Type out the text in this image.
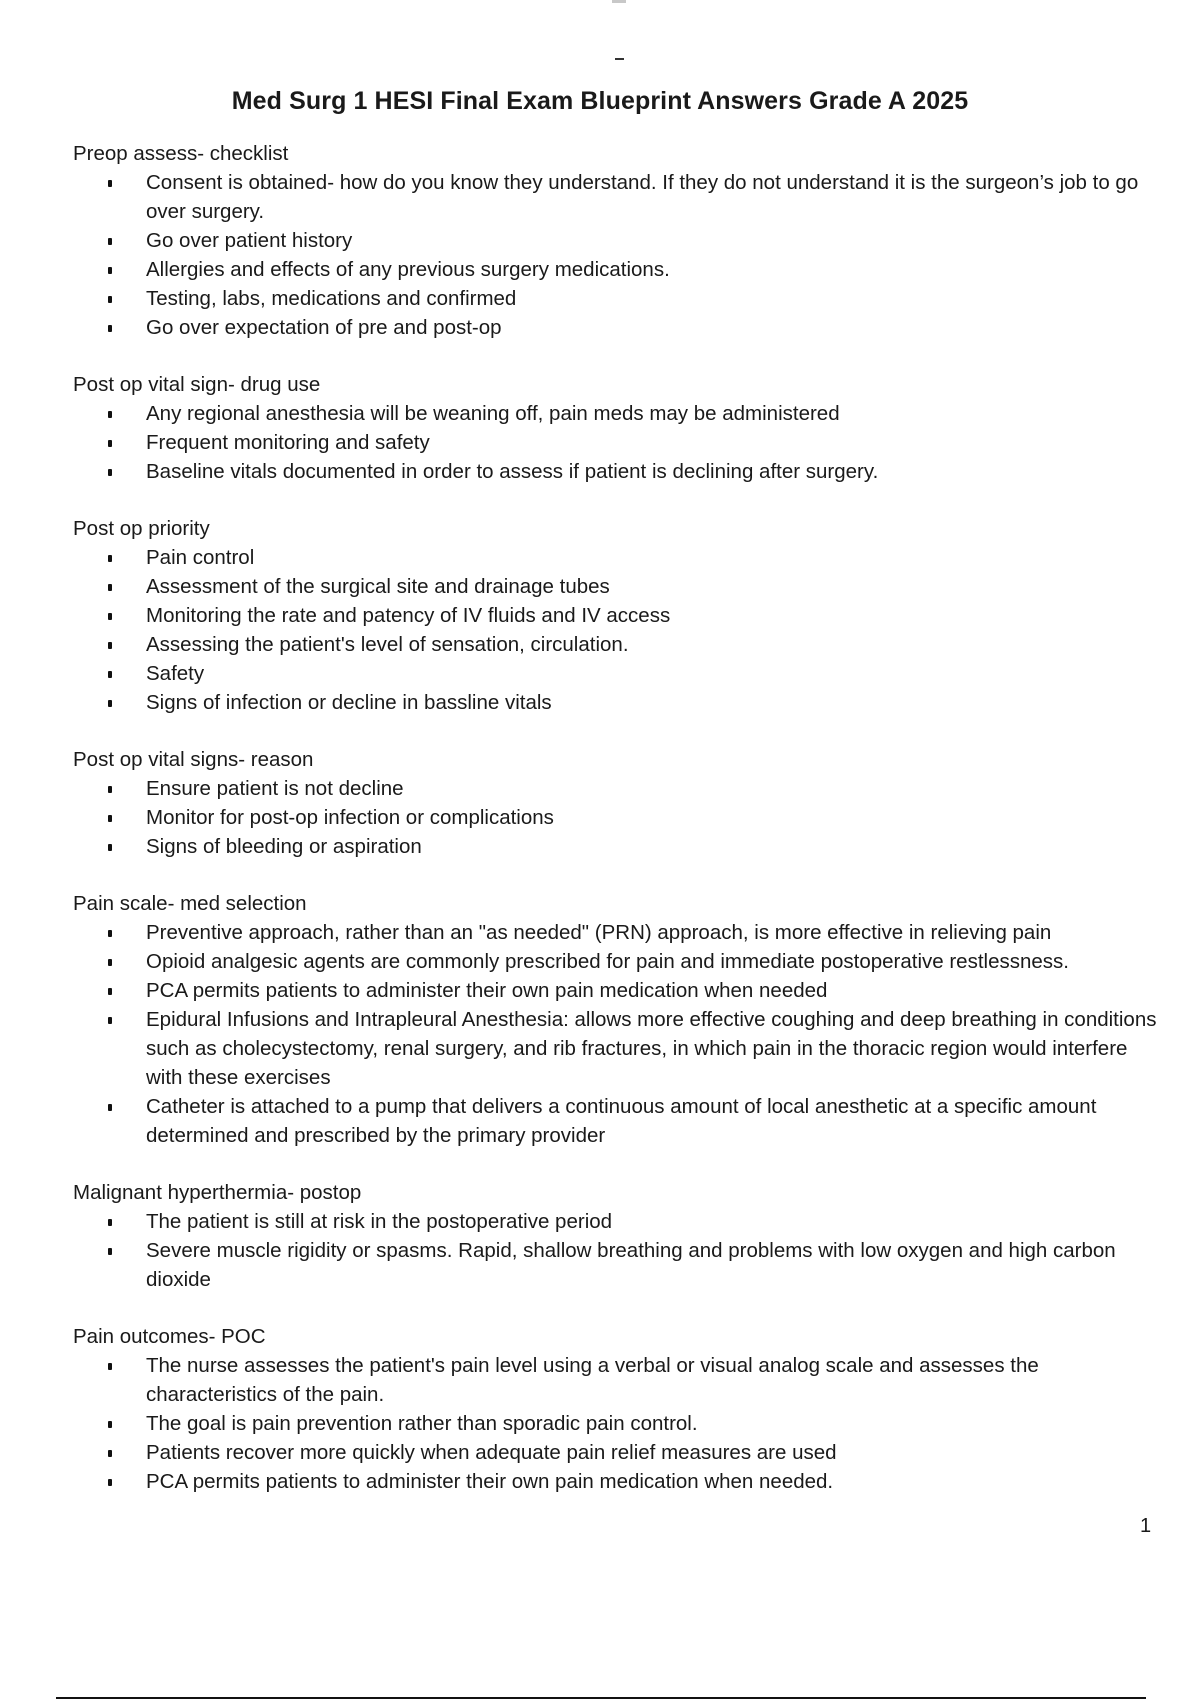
Med Surg 1 HESI Final Exam Blueprint Answers Grade A 2025

Preop assess- checklist

Consent is obtained- how do you know they understand. If they do not understand it is the surgeon’s job to go over surgery.
Go over patient history
Allergies and effects of any previous surgery medications.
Testing, labs, medications and confirmed
Go over expectation of pre and post-op

Post op vital sign- drug use

Any regional anesthesia will be weaning off, pain meds may be administered
Frequent monitoring and safety
Baseline vitals documented in order to assess if patient is declining after surgery.

Post op priority

Pain control
Assessment of the surgical site and drainage tubes
Monitoring the rate and patency of IV fluids and IV access
Assessing the patient's level of sensation, circulation.
Safety
Signs of infection or decline in bassline vitals

Post op vital signs- reason

Ensure patient is not decline
Monitor for post-op infection or complications
Signs of bleeding or aspiration

Pain scale- med selection

Preventive approach, rather than an "as needed" (PRN) approach, is more effective in relieving pain
Opioid analgesic agents are commonly prescribed for pain and immediate postoperative restlessness.
PCA permits patients to administer their own pain medication when needed
Epidural Infusions and Intrapleural Anesthesia: allows more effective coughing and deep breathing in conditions such as cholecystectomy, renal surgery, and rib fractures, in which pain in the thoracic region would interfere with these exercises
Catheter is attached to a pump that delivers a continuous amount of local anesthetic at a specific amount determined and prescribed by the primary provider

Malignant hyperthermia- postop

The patient is still at risk in the postoperative period
Severe muscle rigidity or spasms. Rapid, shallow breathing and problems with low oxygen and high carbon dioxide

Pain outcomes- POC

The nurse assesses the patient's pain level using a verbal or visual analog scale and assesses the characteristics of the pain.
The goal is pain prevention rather than sporadic pain control.
Patients recover more quickly when adequate pain relief measures are used
PCA permits patients to administer their own pain medication when needed.
1
